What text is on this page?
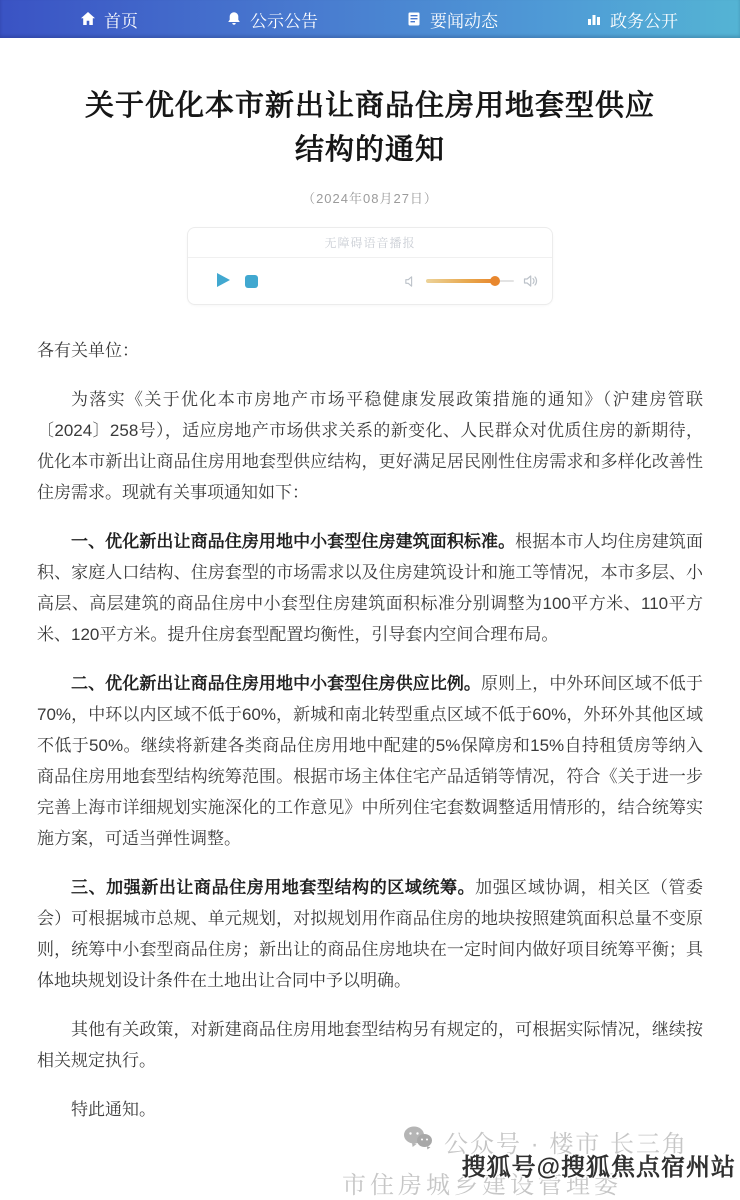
首页	公示公告	要闻动态	政务公开
关于优化本市新出让商品住房用地套型供应结构的通知
（2024年08月27日）
无障碍语音播报

各有关单位：

为落实《关于优化本市房地产市场平稳健康发展政策措施的通知》（沪建房管联〔2024〕258号），适应房地产市场供求关系的新变化、人民群众对优质住房的新期待，优化本市新出让商品住房用地套型供应结构，更好满足居民刚性住房需求和多样化改善性住房需求。现就有关事项通知如下：

一、优化新出让商品住房用地中小套型住房建筑面积标准。根据本市人均住房建筑面积、家庭人口结构、住房套型的市场需求以及住房建筑设计和施工等情况，本市多层、小高层、高层建筑的商品住房中小套型住房建筑面积标准分别调整为100平方米、110平方米、120平方米。提升住房套型配置均衡性，引导套内空间合理布局。

二、优化新出让商品住房用地中小套型住房供应比例。原则上，中外环间区域不低于70%，中环以内区域不低于60%，新城和南北转型重点区域不低于60%，外环外其他区域不低于50%。继续将新建各类商品住房用地中配建的5%保障房和15%自持租赁房等纳入商品住房用地套型结构统筹范围。根据市场主体住宅产品适销等情况，符合《关于进一步完善上海市详细规划实施深化的工作意见》中所列住宅套数调整适用情形的，结合统筹实施方案，可适当弹性调整。

三、加强新出让商品住房用地套型结构的区域统筹。加强区域协调，相关区（管委会）可根据城市总规、单元规划，对拟规划用作商品住房的地块按照建筑面积总量不变原则，统筹中小套型商品住房；新出让的商品住房地块在一定时间内做好项目统筹平衡；具体地块规划设计条件在土地出让合同中予以明确。

其他有关政策，对新建商品住房用地套型结构另有规定的，可根据实际情况，继续按相关规定执行。

特此通知。

市住房城乡建设管理委
公众号 · 楼市 长三角
搜狐号@搜狐焦点宿州站
